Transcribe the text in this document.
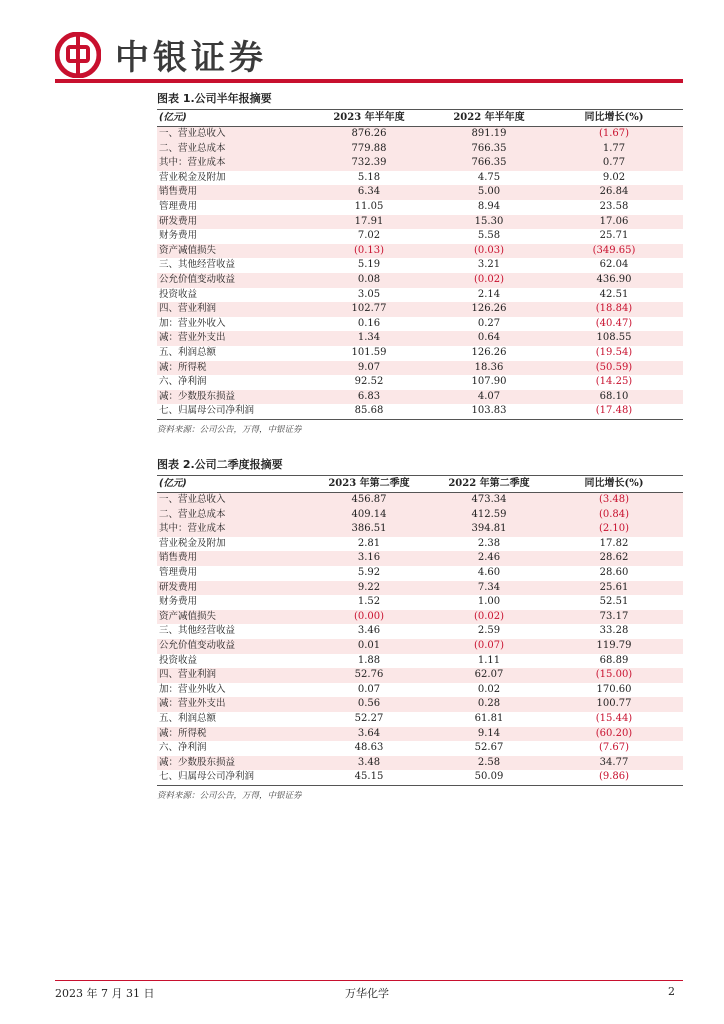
中银证券
图表 1.公司半年报摘要
(亿元)	2023 年半年度	2022 年半年度	同比增长(%)
一、营业总收入	876.26	891.19	(1.67)
二、营业总成本	779.88	766.35	1.77
其中：营业成本	732.39	766.35	0.77
营业税金及附加	5.18	4.75	9.02
销售费用	6.34	5.00	26.84
管理费用	11.05	8.94	23.58
研发费用	17.91	15.30	17.06
财务费用	7.02	5.58	25.71
资产减值损失	(0.13)	(0.03)	(349.65)
三、其他经营收益	5.19	3.21	62.04
公允价值变动收益	0.08	(0.02)	436.90
投资收益	3.05	2.14	42.51
四、营业利润	102.77	126.26	(18.84)
加：营业外收入	0.16	0.27	(40.47)
减：营业外支出	1.34	0.64	108.55
五、利润总额	101.59	126.26	(19.54)
减：所得税	9.07	18.36	(50.59)
六、净利润	92.52	107.90	(14.25)
减：少数股东损益	6.83	4.07	68.10
七、归属母公司净利润	85.68	103.83	(17.48)
资料来源：公司公告，万得，中银证券
图表 2.公司二季度报摘要
(亿元)	2023 年第二季度	2022 年第二季度	同比增长(%)
一、营业总收入	456.87	473.34	(3.48)
二、营业总成本	409.14	412.59	(0.84)
其中：营业成本	386.51	394.81	(2.10)
营业税金及附加	2.81	2.38	17.82
销售费用	3.16	2.46	28.62
管理费用	5.92	4.60	28.60
研发费用	9.22	7.34	25.61
财务费用	1.52	1.00	52.51
资产减值损失	(0.00)	(0.02)	73.17
三、其他经营收益	3.46	2.59	33.28
公允价值变动收益	0.01	(0.07)	119.79
投资收益	1.88	1.11	68.89
四、营业利润	52.76	62.07	(15.00)
加：营业外收入	0.07	0.02	170.60
减：营业外支出	0.56	0.28	100.77
五、利润总额	52.27	61.81	(15.44)
减：所得税	3.64	9.14	(60.20)
六、净利润	48.63	52.67	(7.67)
减：少数股东损益	3.48	2.58	34.77
七、归属母公司净利润	45.15	50.09	(9.86)
资料来源：公司公告，万得，中银证券
2023 年 7 月 31 日	万华化学	2
